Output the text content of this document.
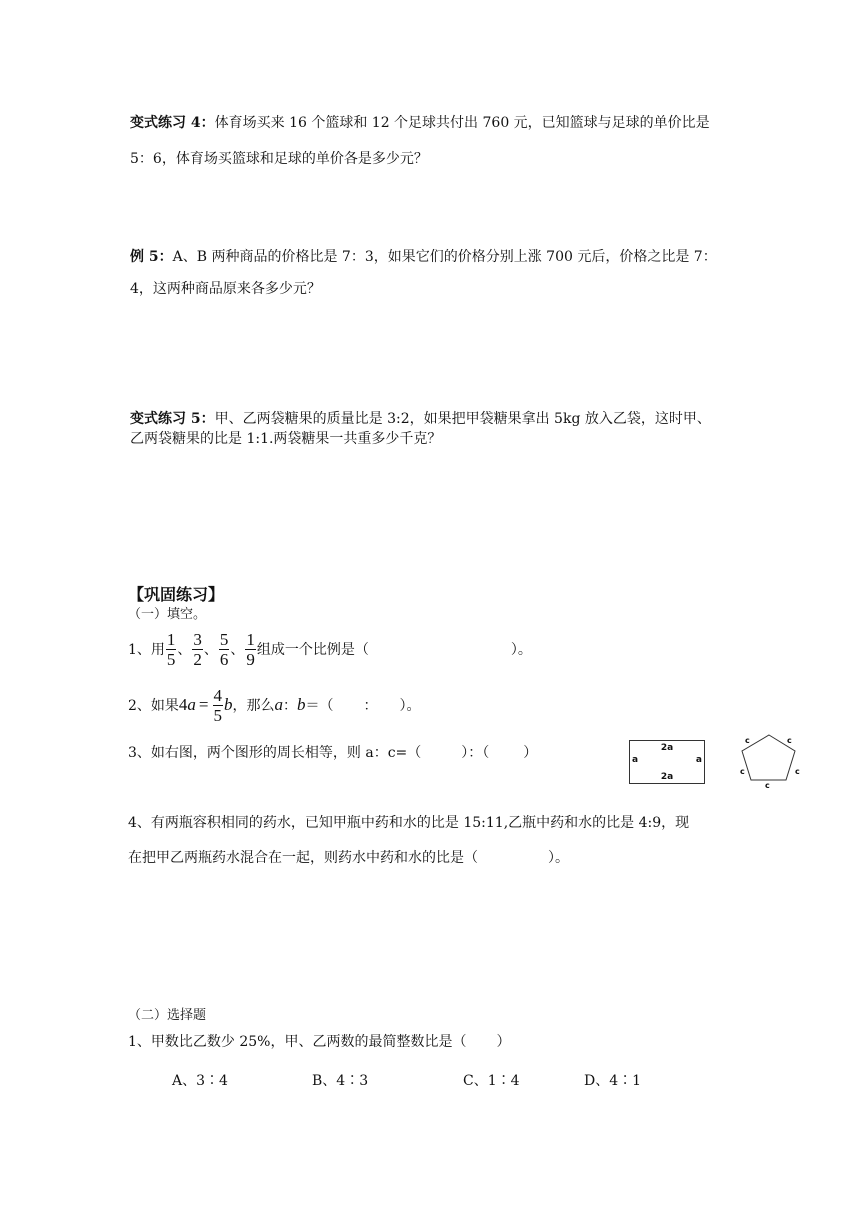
变式练习 4：体育场买来 16 个篮球和 12 个足球共付出 760 元，已知篮球与足球的单价比是
5：6，体育场买篮球和足球的单价各是多少元？
例 5：A、B 两种商品的价格比是 7：3，如果它们的价格分别上涨 700 元后，价格之比是 7：
4，这两种商品原来各多少元？
变式练习 5：甲、乙两袋糖果的质量比是 3:2，如果把甲袋糖果拿出 5kg 放入乙袋，这时甲、
乙两袋糖果的比是 1:1.两袋糖果一共重多少千克？
【巩固练习】
（一）填空。
1、用 $\frac{1}{5}$ 、 $\frac{3}{2}$ 、 $\frac{5}{6}$ 、 $\frac{1}{9}$ 组成一个比例是（	）。
2、如果 4 $a = \frac{4}{5}$ b ，那么 a ： b ＝（ ： ）。
3、如右图，两个图形的周长相等，则 a：c=（	）：（ ）	2a
2a
a	a
c	c
c	c
c
4、有两瓶容积相同的药水，已知甲瓶中药和水的比是 15:11,乙瓶中药和水的比是 4:9，现
在把甲乙两瓶药水混合在一起，则药水中药和水的比是（	）。
（二）选择题
1、甲数比乙数少 25%，甲、乙两数的最简整数比是（ ）
A、3∶4	B、4∶3	C、1∶4	D、4∶1
